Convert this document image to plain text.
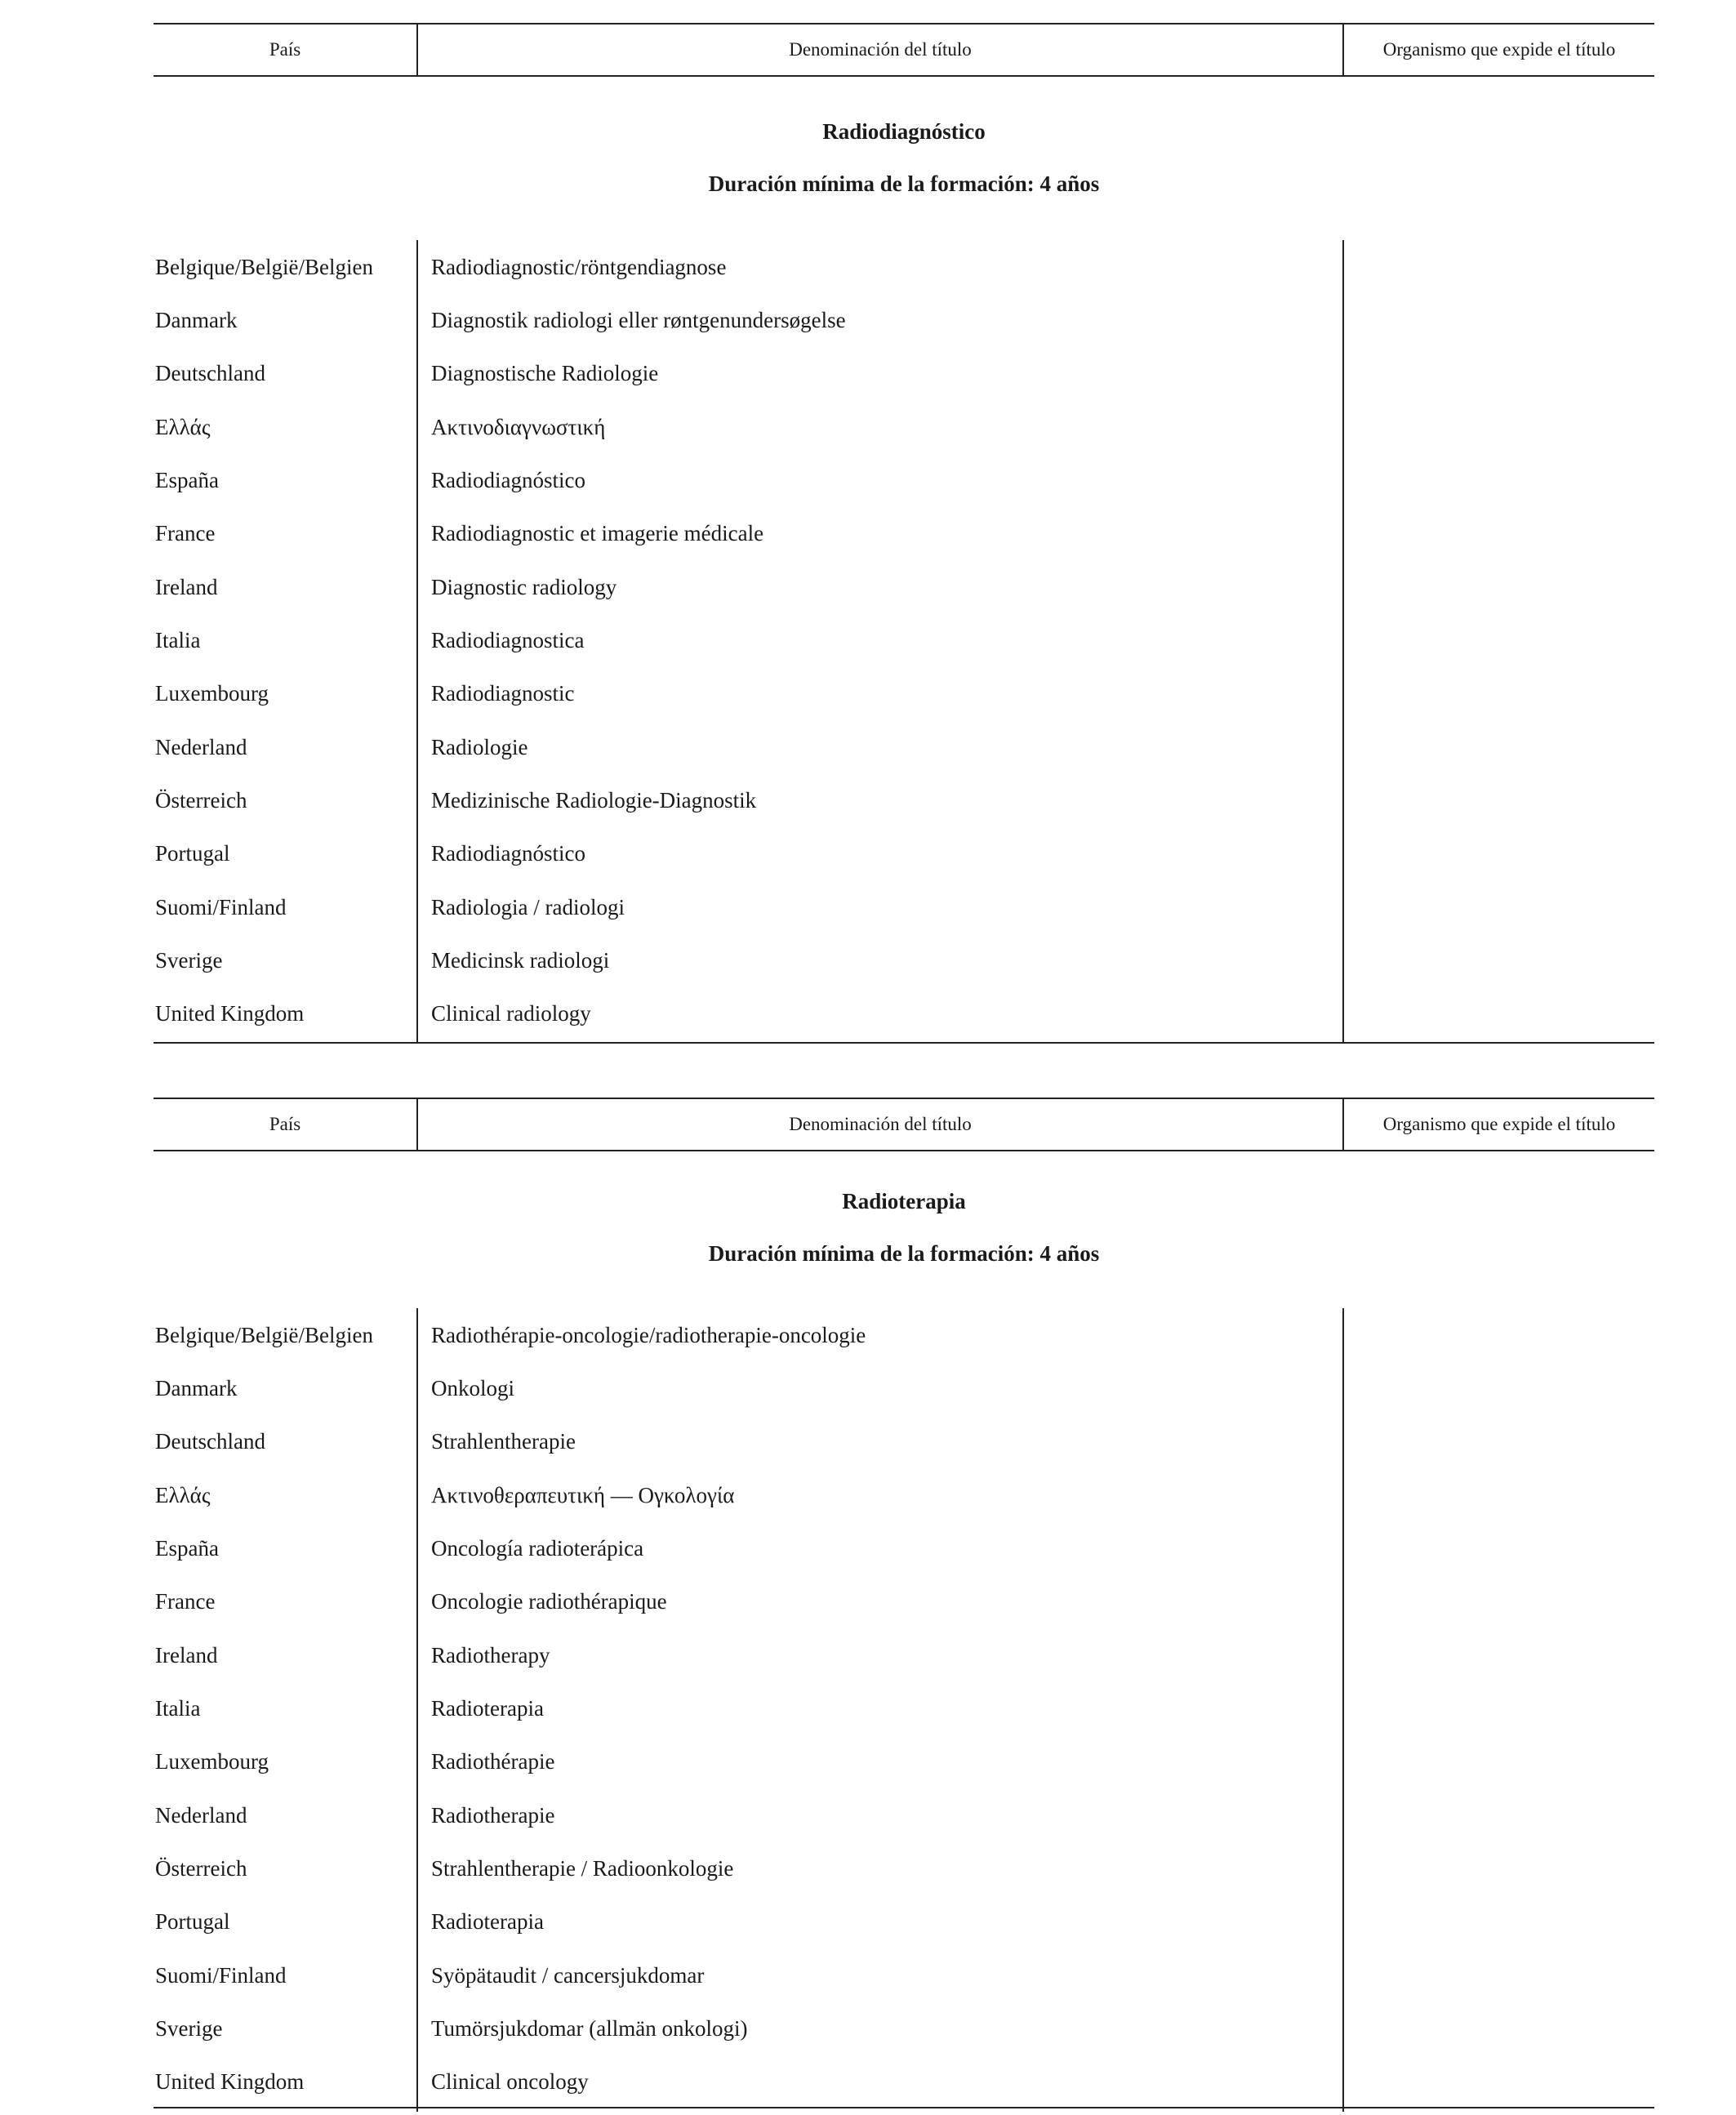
País	Denominación del título	Organismo que expide el título
Radiodiagnóstico
Duración mínima de la formación: 4 años
Belgique/België/Belgien	Radiodiagnostic/röntgendiagnose
Danmark	Diagnostik radiologi eller røntgenundersøgelse
Deutschland	Diagnostische Radiologie
Ελλάς	Ακτινοδιαγνωστική
España	Radiodiagnóstico
France	Radiodiagnostic et imagerie médicale
Ireland	Diagnostic radiology
Italia	Radiodiagnostica
Luxembourg	Radiodiagnostic
Nederland	Radiologie
Österreich	Medizinische Radiologie-Diagnostik
Portugal	Radiodiagnóstico
Suomi/Finland	Radiologia / radiologi
Sverige	Medicinsk radiologi
United Kingdom	Clinical radiology
País	Denominación del título	Organismo que expide el título
Radioterapia
Duración mínima de la formación: 4 años
Belgique/België/Belgien	Radiothérapie-oncologie/radiotherapie-oncologie
Danmark	Onkologi
Deutschland	Strahlentherapie
Ελλάς	Ακτινοθεραπευτική — Ογκολογία
España	Oncología radioterápica
France	Oncologie radiothérapique
Ireland	Radiotherapy
Italia	Radioterapia
Luxembourg	Radiothérapie
Nederland	Radiotherapie
Österreich	Strahlentherapie / Radioonkologie
Portugal	Radioterapia
Suomi/Finland	Syöpätaudit / cancersjukdomar
Sverige	Tumörsjukdomar (allmän onkologi)
United Kingdom	Clinical oncology
